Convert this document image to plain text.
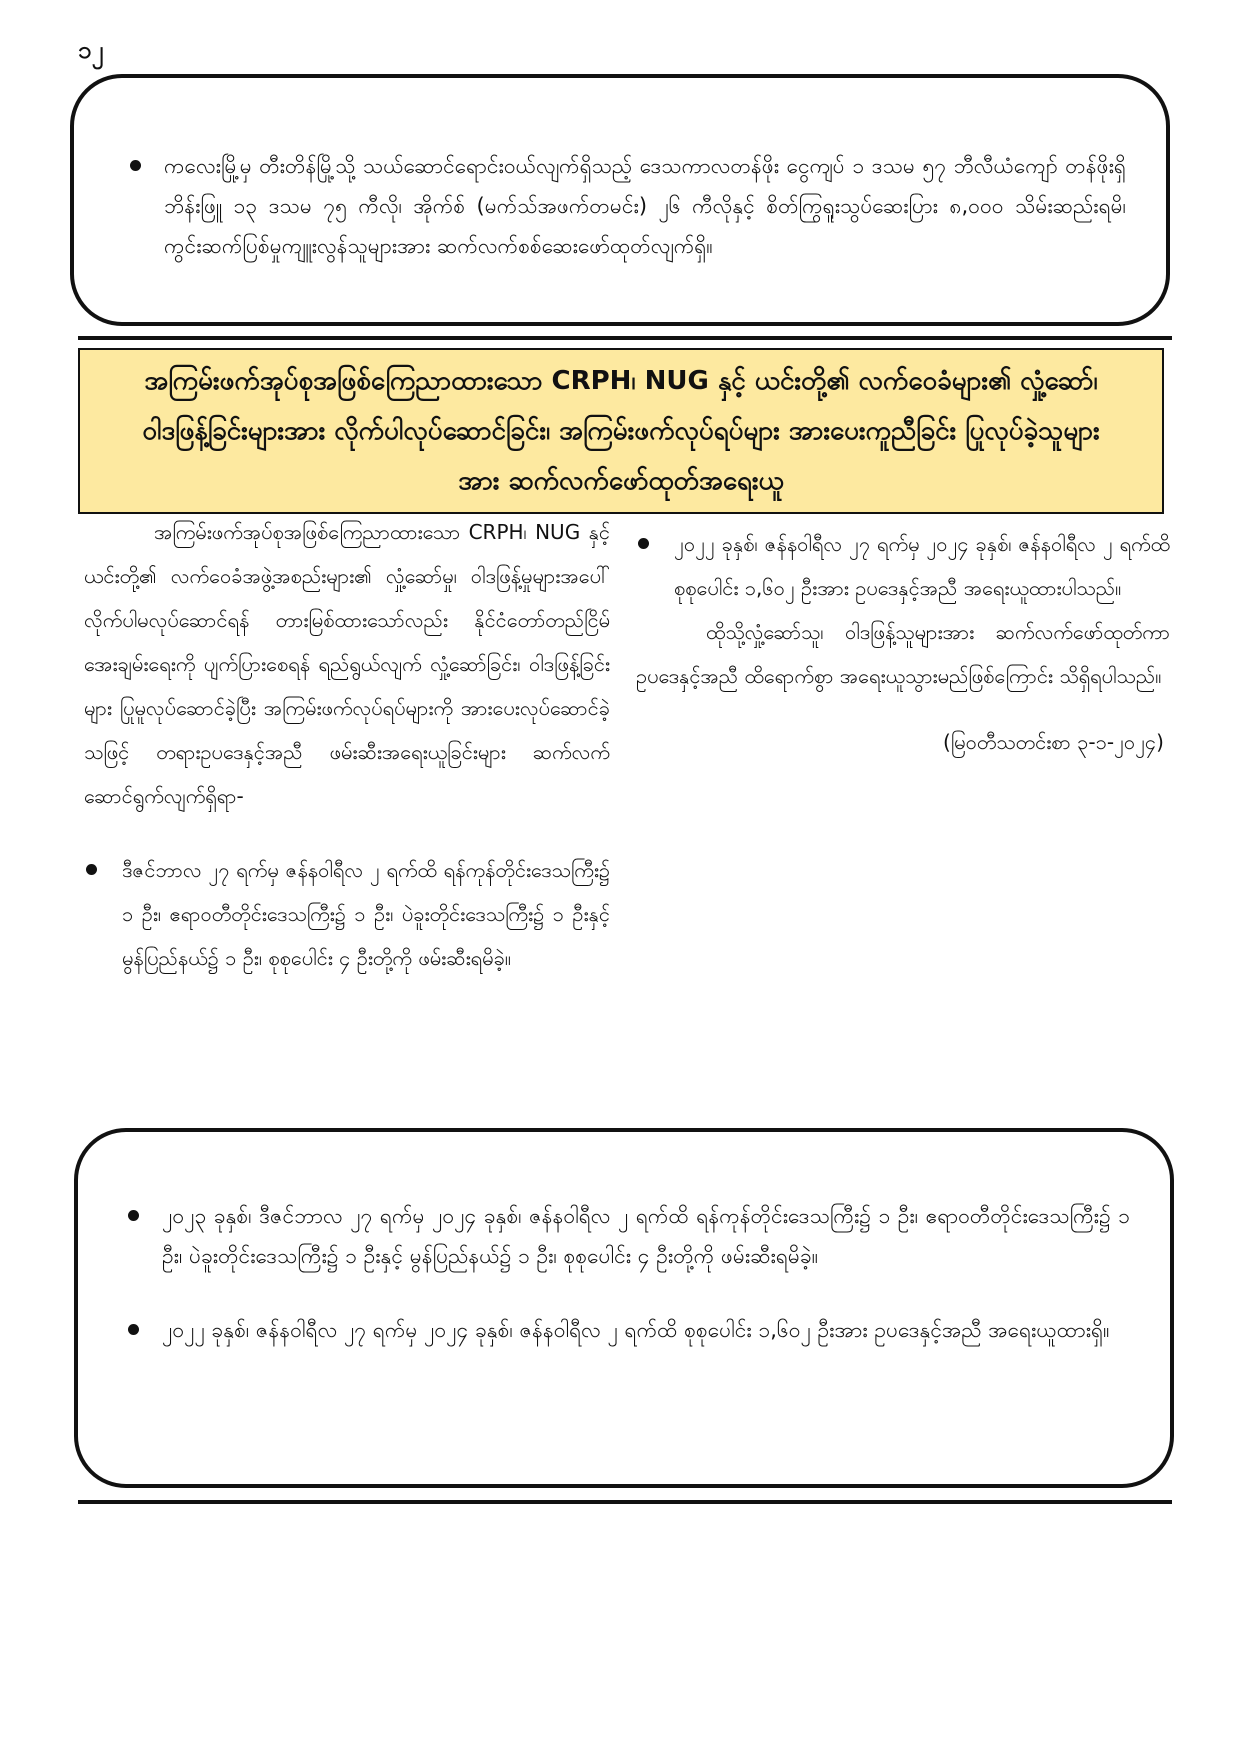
၁၂
ကလေးမြို့မှ တီးတိန်မြို့သို့ သယ်ဆောင်ရောင်းဝယ်လျက်ရှိသည့် ဒေသကာလတန်ဖိုး ငွေကျပ် ၁ ဒသမ ၅၇ ဘီလီယံကျော် တန်ဖိုးရှိ ဘိန်းဖြူ ၁၃ ဒသမ ၇၅ ကီလို၊ အိုက်စ် (မက်သ်အဖက်တမင်း) ၂၆ ကီလိုနှင့် စိတ်ကြွရူးသွပ်ဆေးပြား ၈,၀၀၀ သိမ်းဆည်းရမိ၊ ကွင်းဆက်ပြစ်မှုကျူးလွန်သူများအား ဆက်လက်စစ်ဆေးဖော်ထုတ်လျက်ရှိ။
အကြမ်းဖက်အုပ်စုအဖြစ်ကြေညာထားသော CRPH၊ NUG နှင့် ယင်းတို့၏ လက်ဝေခံများ၏ လှုံ့ဆော်၊ ဝါဒဖြန့်ခြင်းများအား လိုက်ပါလုပ်ဆောင်ခြင်း၊ အကြမ်းဖက်လုပ်ရပ်များ အားပေးကူညီခြင်း ပြုလုပ်ခဲ့သူများအား ဆက်လက်ဖော်ထုတ်အရေးယူ

အကြမ်းဖက်အုပ်စုအဖြစ်ကြေညာထားသော CRPH၊ NUG နှင့် ယင်းတို့၏ လက်ဝေခံအဖွဲ့အစည်းများ၏ လှုံ့ဆော်မှု၊ ဝါဒဖြန့်မှုများအပေါ် လိုက်ပါမလုပ်ဆောင်ရန် တားမြစ်ထားသော်လည်း နိုင်ငံတော်တည်ငြိမ်အေးချမ်းရေးကို ပျက်ပြားစေရန် ရည်ရွယ်လျက် လှုံ့ဆော်ခြင်း၊ ဝါဒဖြန့်ခြင်းများ ပြုမူလုပ်ဆောင်ခဲ့ပြီး အကြမ်းဖက်လုပ်ရပ်များကို အားပေးလုပ်ဆောင်ခဲ့သဖြင့် တရားဥပဒေနှင့်အညီ ဖမ်းဆီးအရေးယူခြင်းများ ဆက်လက်ဆောင်ရွက်လျက်ရှိရာ-

ဒီဇင်ဘာလ ၂၇ ရက်မှ ဇန်နဝါရီလ ၂ ရက်ထိ ရန်ကုန်တိုင်းဒေသကြီး၌ ၁ ဦး၊ ဧရာဝတီတိုင်းဒေသကြီး၌ ၁ ဦး၊ ပဲခူးတိုင်းဒေသကြီး၌ ၁ ဦးနှင့် မွန်ပြည်နယ်၌ ၁ ဦး၊ စုစုပေါင်း ၄ ဦးတို့ကို ဖမ်းဆီးရမိခဲ့။
၂၀၂၂ ခုနှစ်၊ ဇန်နဝါရီလ ၂၇ ရက်မှ ၂၀၂၄ ခုနှစ်၊ ဇန်နဝါရီလ ၂ ရက်ထိ စုစုပေါင်း ၁,၆၀၂ ဦးအား ဥပဒေနှင့်အညီ အရေးယူထားပါသည်။

ထိုသို့လှုံ့ဆော်သူ၊ ဝါဒဖြန့်သူများအား ဆက်လက်ဖော်ထုတ်ကာ ဥပဒေနှင့်အညီ ထိရောက်စွာ အရေးယူသွားမည်ဖြစ်ကြောင်း သိရှိရပါသည်။

(မြဝတီသတင်းစာ ၃-၁-၂၀၂၄)
၂၀၂၃ ခုနှစ်၊ ဒီဇင်ဘာလ ၂၇ ရက်မှ ၂၀၂၄ ခုနှစ်၊ ဇန်နဝါရီလ ၂ ရက်ထိ ရန်ကုန်တိုင်းဒေသကြီး၌ ၁ ဦး၊ ဧရာဝတီတိုင်းဒေသကြီး၌ ၁ ဦး၊ ပဲခူးတိုင်းဒေသကြီး၌ ၁ ဦးနှင့် မွန်ပြည်နယ်၌ ၁ ဦး၊ စုစုပေါင်း ၄ ဦးတို့ကို ဖမ်းဆီးရမိခဲ့။
၂၀၂၂ ခုနှစ်၊ ဇန်နဝါရီလ ၂၇ ရက်မှ ၂၀၂၄ ခုနှစ်၊ ဇန်နဝါရီလ ၂ ရက်ထိ စုစုပေါင်း ၁,၆၀၂ ဦးအား ဥပဒေနှင့်အညီ အရေးယူထားရှိ။
